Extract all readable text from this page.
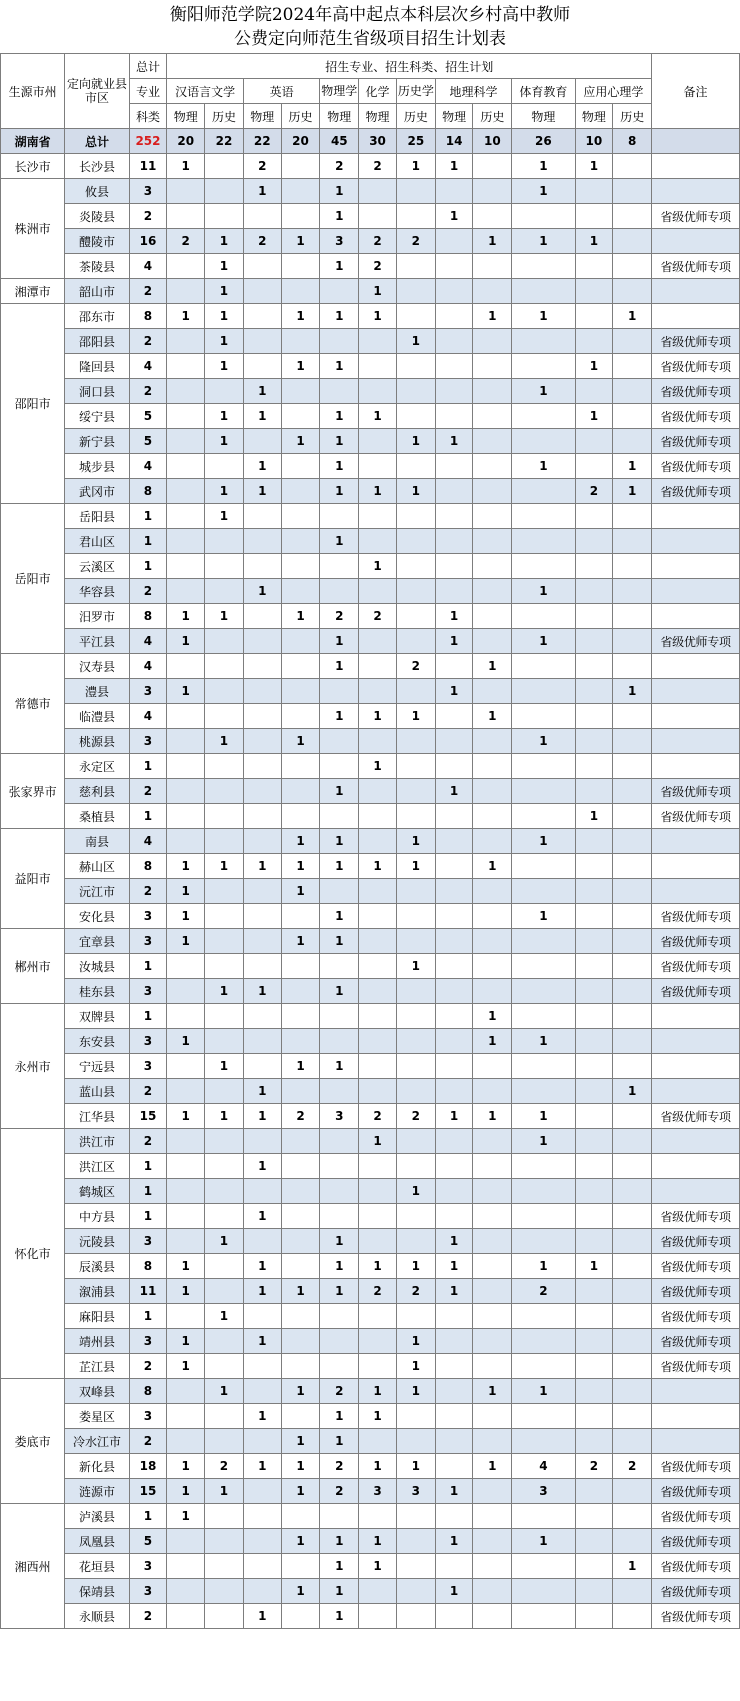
衡阳师范学院2024年高中起点本科层次乡村高中教师
公费定向师范生省级项目招生计划表
生源市州	定向就业县市区	总计	招生专业、招生科类、招生计划												备注
		专业	汉语言文学		英语		物理学	化学	历史学	地理科学		体育教育	应用心理学		
		科类	物理	历史	物理	历史	物理	物理	历史	物理	历史	物理	物理	历史	
湖南省	总计	252	20	22	22	20	45	30	25	14	10	26	10	8	
长沙市	长沙县	11	1		2		2	2	1	1		1	1		
株洲市	攸县	3			1		1					1			
	炎陵县	2					1			1					省级优师专项
	醴陵市	16	2	1	2	1	3	2	2		1	1	1		
	茶陵县	4		1			1	2							省级优师专项
湘潭市	韶山市	2		1				1							
邵阳市	邵东市	8	1	1		1	1	1			1	1		1	
	邵阳县	2		1					1						省级优师专项
	隆回县	4		1		1	1						1		省级优师专项
	洞口县	2			1							1			省级优师专项
	绥宁县	5		1	1		1	1					1		省级优师专项
	新宁县	5		1		1	1		1	1					省级优师专项
	城步县	4			1		1					1		1	省级优师专项
	武冈市	8		1	1		1	1	1				2	1	省级优师专项
岳阳市	岳阳县	1		1											
	君山区	1					1								
	云溪区	1						1							
	华容县	2			1							1			
	汨罗市	8	1	1		1	2	2		1					
	平江县	4	1				1			1		1			省级优师专项
常德市	汉寿县	4					1		2		1				
	澧县	3	1							1				1	
	临澧县	4					1	1	1		1				
	桃源县	3		1		1						1			
张家界市	永定区	1						1							
	慈利县	2					1			1					省级优师专项
	桑植县	1											1		省级优师专项
益阳市	南县	4				1	1		1			1			
	赫山区	8	1	1	1	1	1	1	1		1				
	沅江市	2	1			1									
	安化县	3	1				1					1			省级优师专项
郴州市	宜章县	3	1			1	1								省级优师专项
	汝城县	1							1						省级优师专项
	桂东县	3		1	1		1								省级优师专项
永州市	双牌县	1									1				
	东安县	3	1								1	1			
	宁远县	3		1		1	1								
	蓝山县	2			1									1	
	江华县	15	1	1	1	2	3	2	2	1	1	1			省级优师专项
怀化市	洪江市	2						1				1			
	洪江区	1			1										
	鹤城区	1							1						
	中方县	1			1										省级优师专项
	沅陵县	3		1			1			1					省级优师专项
	辰溪县	8	1		1		1	1	1	1		1	1		省级优师专项
	溆浦县	11	1		1	1	1	2	2	1		2			省级优师专项
	麻阳县	1		1											省级优师专项
	靖州县	3	1		1				1						省级优师专项
	芷江县	2	1						1						省级优师专项
娄底市	双峰县	8		1		1	2	1	1		1	1			
	娄星区	3			1		1	1							
	冷水江市	2				1	1								
	新化县	18	1	2	1	1	2	1	1		1	4	2	2	省级优师专项
	涟源市	15	1	1		1	2	3	3	1		3			省级优师专项
湘西州	泸溪县	1	1												省级优师专项
	凤凰县	5				1	1	1		1		1			省级优师专项
	花垣县	3					1	1						1	省级优师专项
	保靖县	3				1	1			1					省级优师专项
	永顺县	2			1		1								省级优师专项
